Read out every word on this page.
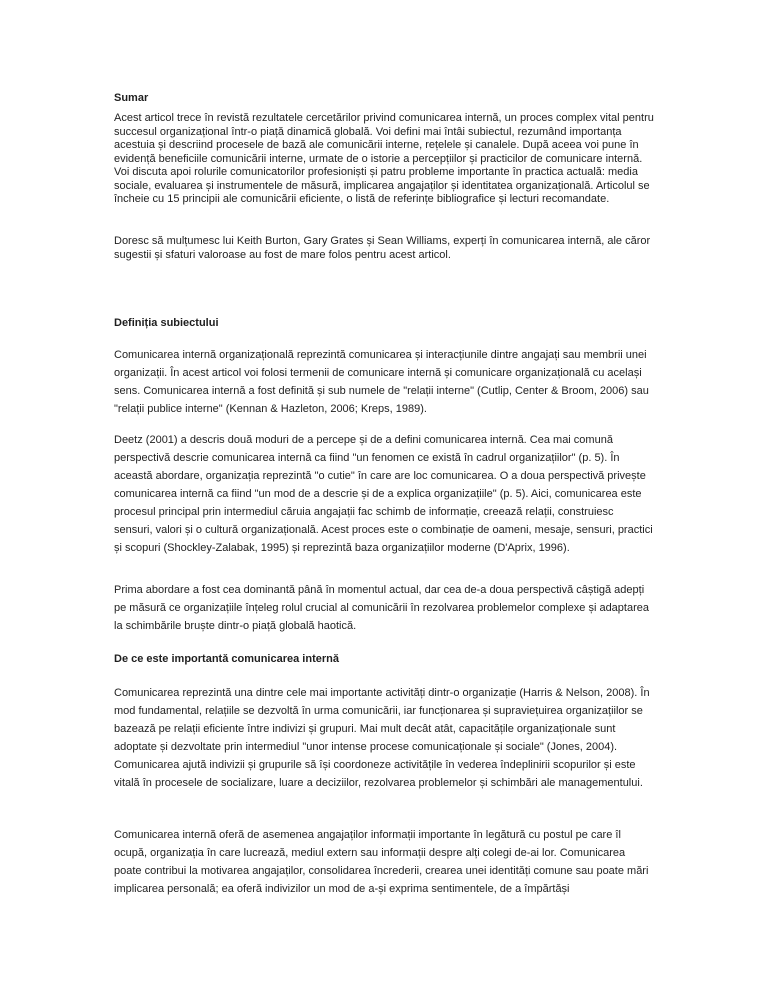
Sumar

Acest articol trece în revistă rezultatele cercetărilor privind comunicarea internă, un proces complex vital pentru succesul organizațional într-o piață dinamică globală. Voi defini mai întâi subiectul, rezumând importanța acestuia și descriind procesele de bază ale comunicării interne, rețelele și canalele. După aceea voi pune în evidență beneficiile comunicării interne, urmate de o istorie a percepțiilor și practicilor de comunicare internă. Voi discuta apoi rolurile comunicatorilor profesioniști și patru probleme importante în practica actuală: media sociale, evaluarea și instrumentele de măsură, implicarea angajaților și identitatea organizațională. Articolul se încheie cu 15 principii ale comunicării eficiente, o listă de referințe bibliografice și lecturi recomandate.

Doresc să mulțumesc lui Keith Burton, Gary Grates și Sean Williams, experți în comunicarea internă, ale căror sugestii și sfaturi valoroase au fost de mare folos pentru acest articol.

Definiția subiectului

Comunicarea internă organizațională reprezintă comunicarea și interacțiunile dintre angajați sau membrii unei organizații. În acest articol voi folosi termenii de comunicare internă și comunicare organizațională cu același sens. Comunicarea internă a fost definită și sub numele de "relații interne" (Cutlip, Center & Broom, 2006) sau "relații publice interne" (Kennan & Hazleton, 2006; Kreps, 1989).

Deetz (2001) a descris două moduri de a percepe și de a defini comunicarea internă. Cea mai comună perspectivă descrie comunicarea internă ca fiind "un fenomen ce există în cadrul organizațiilor" (p. 5). În această abordare, organizația reprezintă "o cutie" în care are loc comunicarea. O a doua perspectivă privește comunicarea internă ca fiind "un mod de a descrie și de a explica organizațiile" (p. 5). Aici, comunicarea este procesul principal prin intermediul căruia angajații fac schimb de informație, creează relații, construiesc sensuri, valori și o cultură organizațională. Acest proces este o combinație de oameni, mesaje, sensuri, practici și scopuri (Shockley-Zalabak, 1995) și reprezintă baza organizațiilor moderne (D'Aprix, 1996).

Prima abordare a fost cea dominantă până în momentul actual, dar cea de-a doua perspectivă câștigă adepți pe măsură ce organizațiile înțeleg rolul crucial al comunicării în rezolvarea problemelor complexe și adaptarea la schimbările bruște dintr-o piață globală haotică.

De ce este importantă comunicarea internă

Comunicarea reprezintă una dintre cele mai importante activități dintr-o organizație (Harris & Nelson, 2008). În mod fundamental, relațiile se dezvoltă în urma comunicării, iar funcționarea și supraviețuirea organizațiilor se bazează pe relații eficiente între indivizi și grupuri. Mai mult decât atât, capacitățile organizaționale sunt adoptate și dezvoltate prin intermediul "unor intense procese comunicaționale și sociale" (Jones, 2004). Comunicarea ajută indivizii și grupurile să își coordoneze activitățile în vederea îndeplinirii scopurilor și este vitală în procesele de socializare, luare a deciziilor, rezolvarea problemelor și schimbări ale managementului.

Comunicarea internă oferă de asemenea angajaților informații importante în legătură cu postul pe care îl ocupă, organizația în care lucrează, mediul extern sau informații despre alți colegi de-ai lor. Comunicarea poate contribui la motivarea angajaților, consolidarea încrederii, crearea unei identități comune sau poate mări implicarea personală; ea oferă indivizilor un mod de a-și exprima sentimentele, de a împărtăși
